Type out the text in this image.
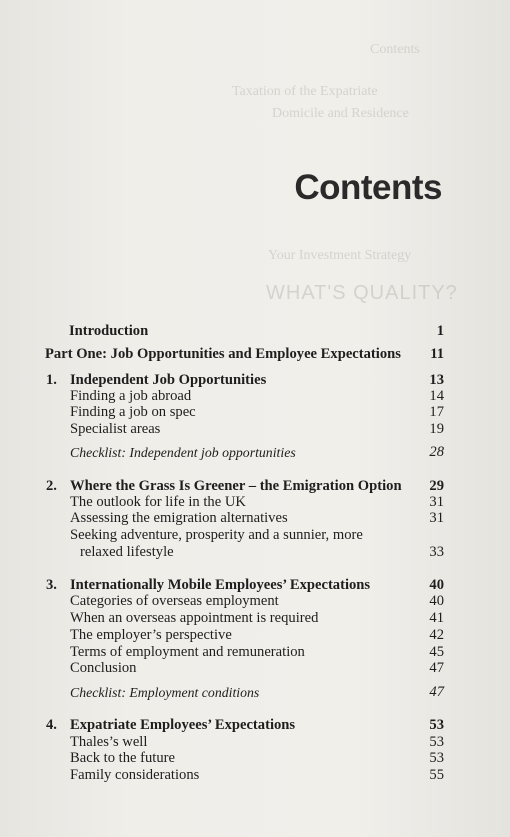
Contents
Taxation of the Expatriate
Domicile and Residence
Your Investment Strategy
WHAT'S QUALITY?
Contents
Introduction	1
Part One: Job Opportunities and Employee Expectations 11
1. Independent Job Opportunities	13
Finding a job abroad	14
Finding a job on spec	17
Specialist areas	19
Checklist: Independent job opportunities	28
2. Where the Grass Is Greener – the Emigration Option 29
The outlook for life in the UK	31
Assessing the emigration alternatives	31
Seeking adventure, prosperity and a sunnier, more
relaxed lifestyle	33
3. Internationally Mobile Employees’ Expectations	40
Categories of overseas employment	40
When an overseas appointment is required	41
The employer’s perspective	42
Terms of employment and remuneration	45
Conclusion	47
Checklist: Employment conditions	47
4. Expatriate Employees’ Expectations	53
Thales’s well	53
Back to the future	53
Family considerations	55
